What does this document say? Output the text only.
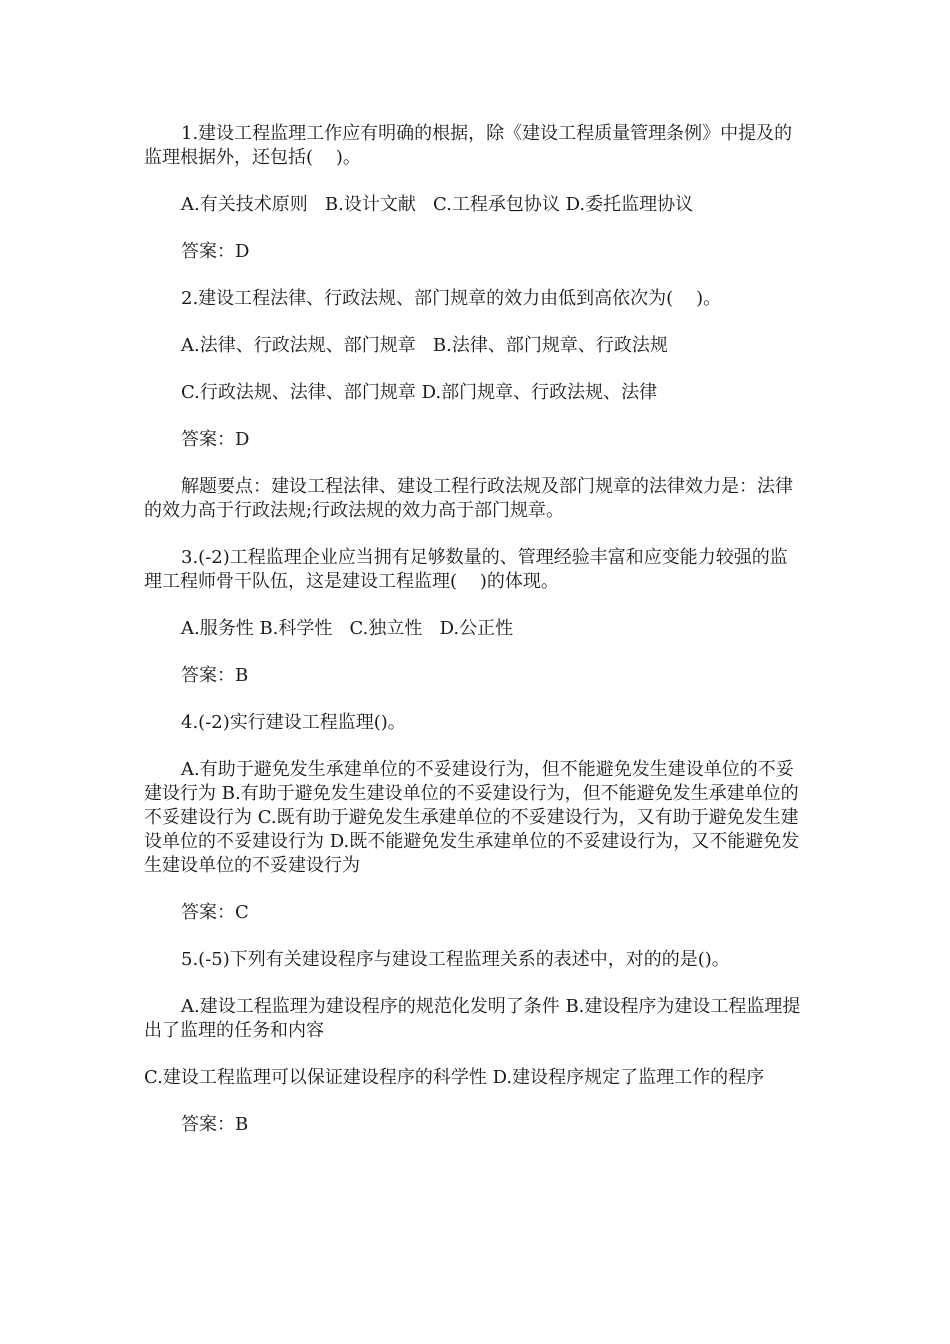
1.建设工程监理工作应有明确的根据，除《建设工程质量管理条例》中提及的监理根据外，还包括(    )。

A.有关技术原则   B.设计文献   C.工程承包协议 D.委托监理协议

答案：D

2.建设工程法律、行政法规、部门规章的效力由低到高依次为(    )。

A.法律、行政法规、部门规章   B.法律、部门规章、行政法规

C.行政法规、法律、部门规章 D.部门规章、行政法规、法律

答案：D

解题要点：建设工程法律、建设工程行政法规及部门规章的法律效力是：法律的效力高于行政法规;行政法规的效力高于部门规章。

3.(-2)工程监理企业应当拥有足够数量的、管理经验丰富和应变能力较强的监理工程师骨干队伍，这是建设工程监理(    )的体现。

A.服务性 B.科学性   C.独立性   D.公正性

答案：B

4.(-2)实行建设工程监理()。

A.有助于避免发生承建单位的不妥建设行为，但不能避免发生建设单位的不妥建设行为 B.有助于避免发生建设单位的不妥建设行为，但不能避免发生承建单位的不妥建设行为 C.既有助于避免发生承建单位的不妥建设行为，又有助于避免发生建设单位的不妥建设行为 D.既不能避免发生承建单位的不妥建设行为，又不能避免发生建设单位的不妥建设行为

答案：C

5.(-5)下列有关建设程序与建设工程监理关系的表述中，对的的是()。

A.建设工程监理为建设程序的规范化发明了条件 B.建设程序为建设工程监理提出了监理的任务和内容

C.建设工程监理可以保证建设程序的科学性 D.建设程序规定了监理工作的程序

答案：B
